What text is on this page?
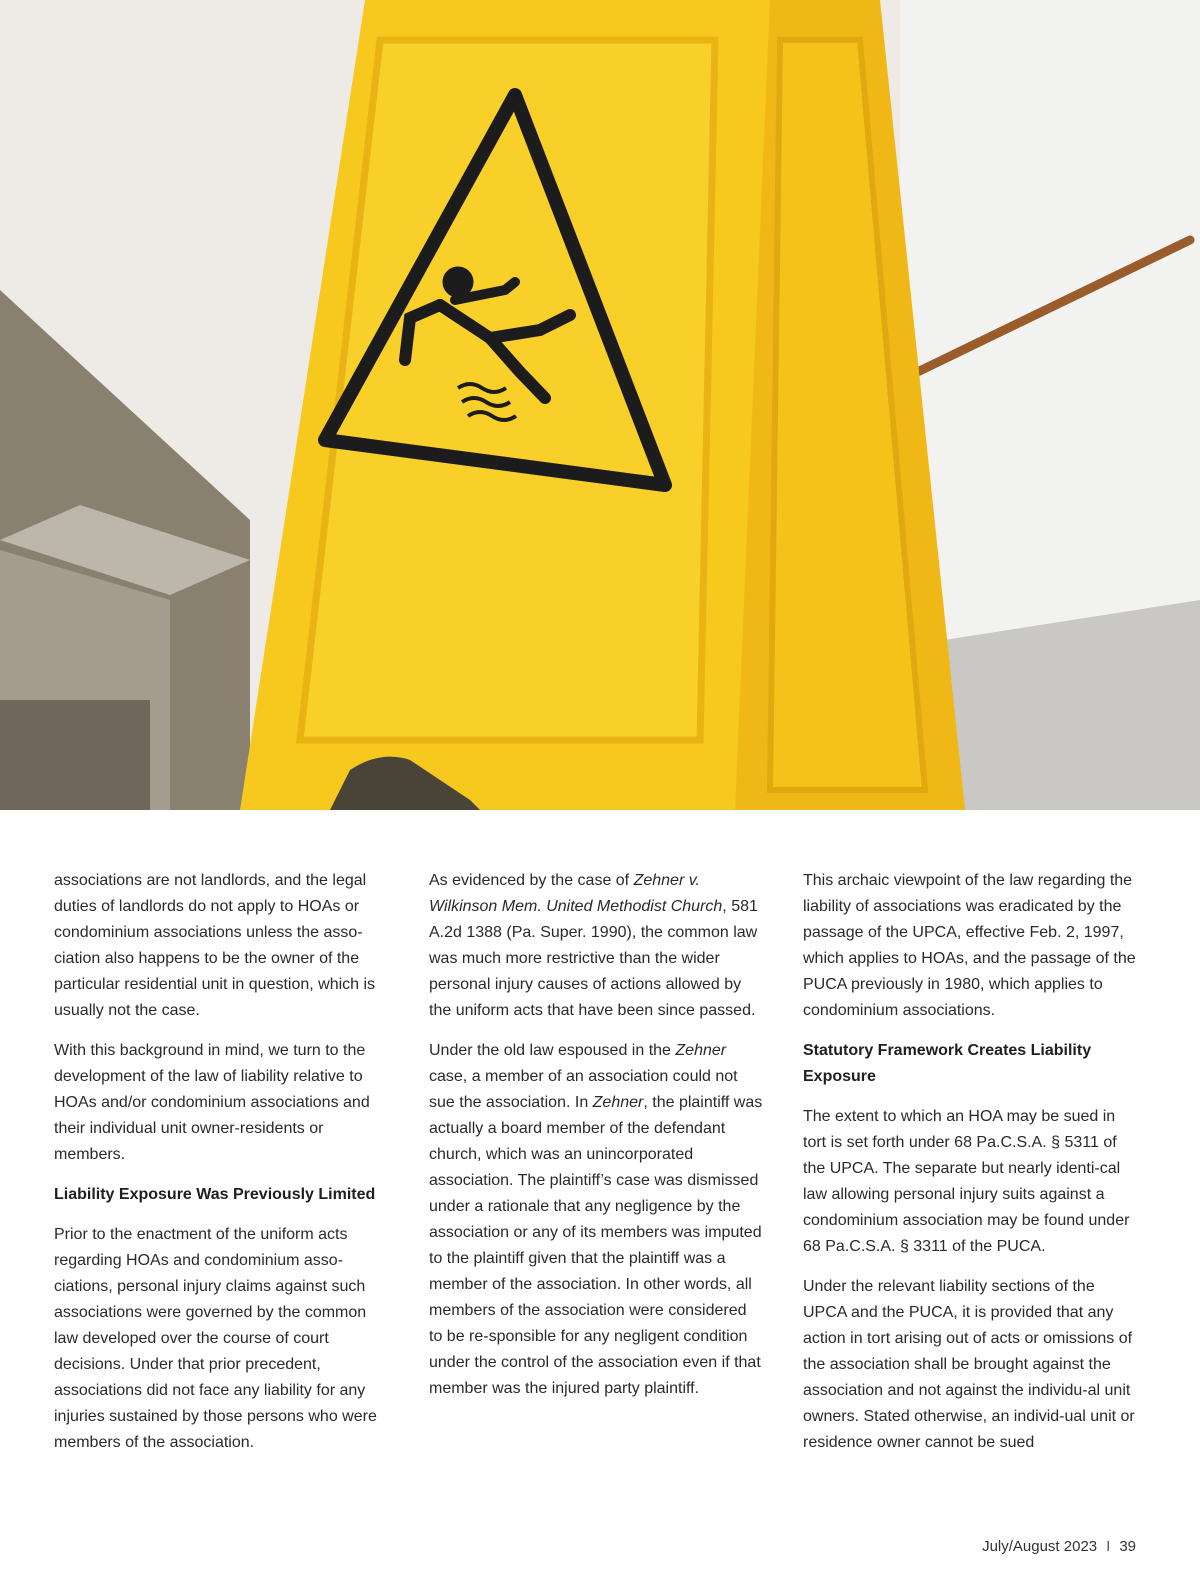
associations are not landlords, and the legal duties of landlords do not apply to HOAs or condominium associations unless the asso-ciation also happens to be the owner of the particular residential unit in question, which is usually not the case.

With this background in mind, we turn to the development of the law of liability relative to HOAs and/or condominium associations and their individual unit owner-residents or members.

Liability Exposure Was Previously Limited

Prior to the enactment of the uniform acts regarding HOAs and condominium asso-ciations, personal injury claims against such associations were governed by the common law developed over the course of court decisions. Under that prior precedent, associations did not face any liability for any injuries sustained by those persons who were members of the association.

As evidenced by the case of Zehner v. Wilkinson Mem. United Methodist Church, 581 A.2d 1388 (Pa. Super. 1990), the common law was much more restrictive than the wider personal injury causes of actions allowed by the uniform acts that have been since passed.

Under the old law espoused in the Zehner case, a member of an association could not sue the association. In Zehner, the plaintiff was actually a board member of the defendant church, which was an unincorporated association. The plaintiff’s case was dismissed under a rationale that any negligence by the association or any of its members was imputed to the plaintiff given that the plaintiff was a member of the association. In other words, all members of the association were considered to be re-sponsible for any negligent condition under the control of the association even if that member was the injured party plaintiff.

This archaic viewpoint of the law regarding the liability of associations was eradicated by the passage of the UPCA, effective Feb. 2, 1997, which applies to HOAs, and the passage of the PUCA previously in 1980, which applies to condominium associations.

Statutory Framework Creates Liability Exposure

The extent to which an HOA may be sued in tort is set forth under 68 Pa.C.S.A. § 5311 of the UPCA. The separate but nearly identi-cal law allowing personal injury suits against a condominium association may be found under 68 Pa.C.S.A. § 3311 of the PUCA.

Under the relevant liability sections of the UPCA and the PUCA, it is provided that any action in tort arising out of acts or omissions of the association shall be brought against the association and not against the individu-al unit owners. Stated otherwise, an individ-ual unit or residence owner cannot be sued

July/August 2023 I 39
